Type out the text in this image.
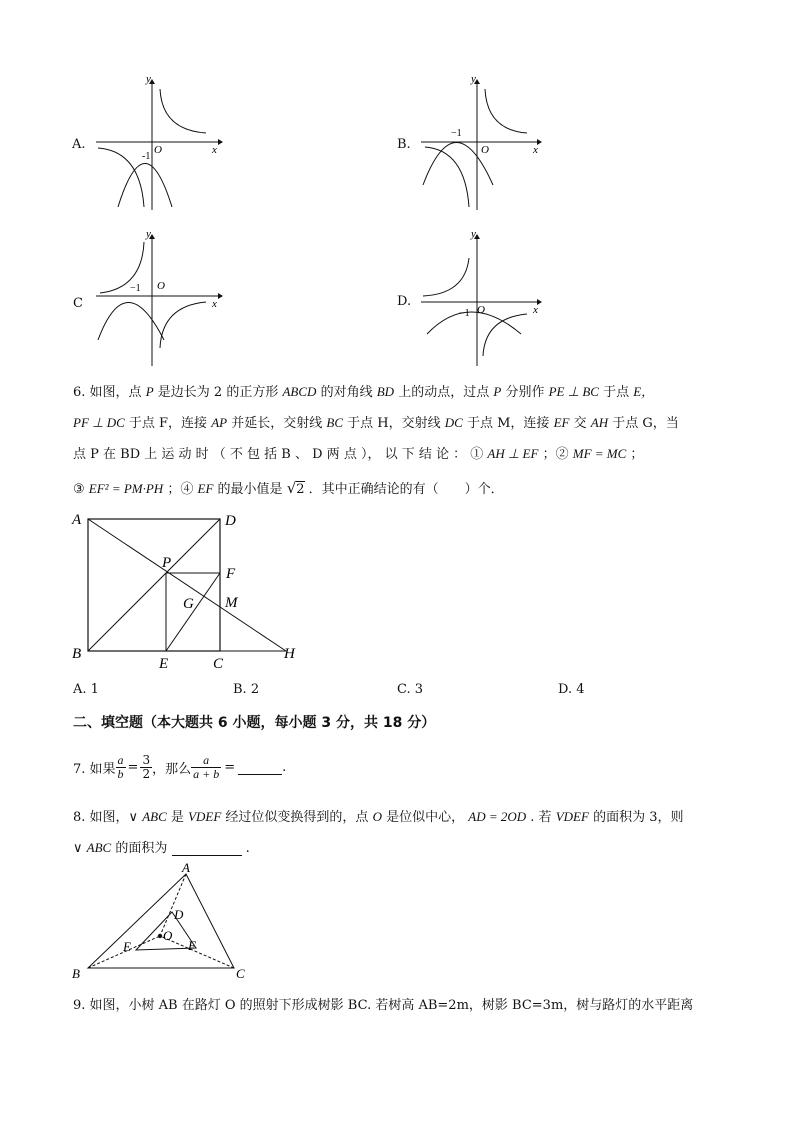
A.
y
x
O
-1
B.
y
x
O
−1
C
y
x
O
−1
D.
y
x
O
−1
6. 如图，点 P 是边长为 2 的正方形 ABCD 的对角线 BD 上的动点，过点 P 分别作 PE ⊥ BC 于点 E，
PF ⊥ DC 于点 F，连接 AP 并延长，交射线 BC 于点 H，交射线 DC 于点 M，连接 EF 交 AH 于点 G，当
点 P 在 BD 上 运 动 时 （ 不 包 括 B 、 D 两 点 ）， 以 下 结 论 ： ① AH ⊥ EF ；② MF = MC ；
③ EF² = PM·PH ；④ EF 的最小值是 √2 ．其中正确结论的有（　　）个．
A	D
P
F
G M
B
E	C
H
A. 1	B. 2	C. 3	D. 4
二、填空题（本大题共 6 小题，每小题 3 分，共 18 分）
7. 如果 $\frac{a}{b} = \frac{3}{2}$ ，那么 $\frac{a}{a + b}$ =	.
8. 如图，∨ ABC 是 VDEF 经过位似变换得到的，点 O 是位似中心， AD = 2OD . 若 VDEF 的面积为 3，则
∨ ABC 的面积为	.
A
D
O
E	F
B	C
9. 如图，小树 AB 在路灯 O 的照射下形成树影 BC. 若树高 AB=2m，树影 BC=3m，树与路灯的水平距离
